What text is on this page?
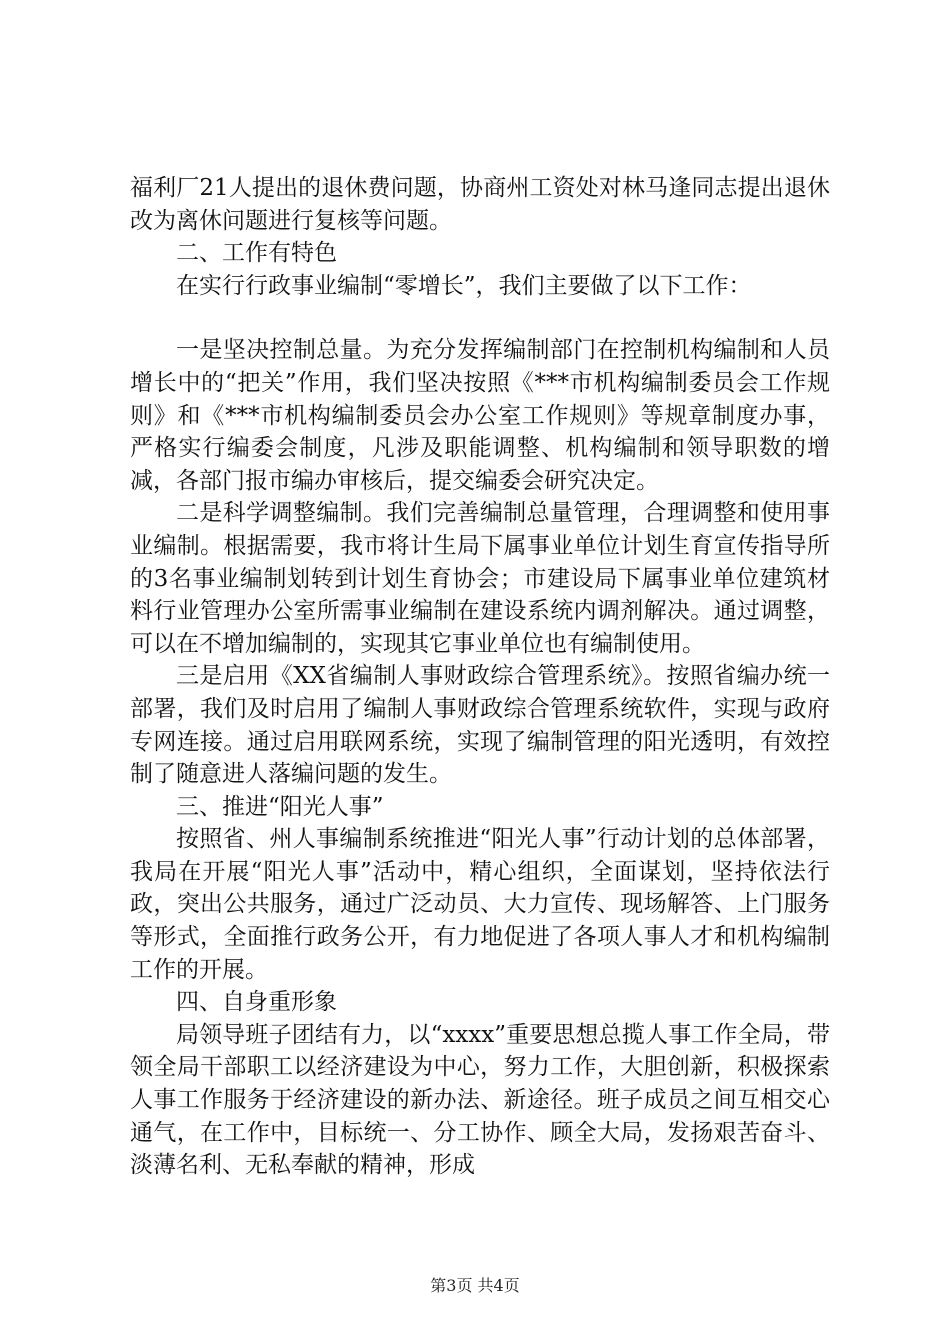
福利厂21人提出的退休费问题，协商州工资处对林马逢同志提出退休改为离休问题进行复核等问题。

二、工作有特色

在实行行政事业编制“零增长”，我们主要做了以下工作：

一是坚决控制总量。为充分发挥编制部门在控制机构编制和人员增长中的“把关”作用，我们坚决按照《***市机构编制委员会工作规则》和《***市机构编制委员会办公室工作规则》等规章制度办事，严格实行编委会制度，凡涉及职能调整、机构编制和领导职数的增减，各部门报市编办审核后，提交编委会研究决定。

二是科学调整编制。我们完善编制总量管理，合理调整和使用事业编制。根据需要，我市将计生局下属事业单位计划生育宣传指导所的3名事业编制划转到计划生育协会；市建设局下属事业单位建筑材料行业管理办公室所需事业编制在建设系统内调剂解决。通过调整，可以在不增加编制的，实现其它事业单位也有编制使用。

三是启用《XX省编制人事财政综合管理系统》。按照省编办统一部署，我们及时启用了编制人事财政综合管理系统软件，实现与政府专网连接。通过启用联网系统，实现了编制管理的阳光透明，有效控制了随意进人落编问题的发生。

三、推进“阳光人事”

按照省、州人事编制系统推进“阳光人事”行动计划的总体部署，我局在开展“阳光人事”活动中，精心组织，全面谋划，坚持依法行政，突出公共服务，通过广泛动员、大力宣传、现场解答、上门服务等形式，全面推行政务公开，有力地促进了各项人事人才和机构编制工作的开展。

四、自身重形象

局领导班子团结有力，以“xxxx”重要思想总揽人事工作全局，带领全局干部职工以经济建设为中心，努力工作，大胆创新，积极探索人事工作服务于经济建设的新办法、新途径。班子成员之间互相交心通气，在工作中，目标统一、分工协作、顾全大局，发扬艰苦奋斗、淡薄名利、无私奉献的精神，形成

第3页 共4页
